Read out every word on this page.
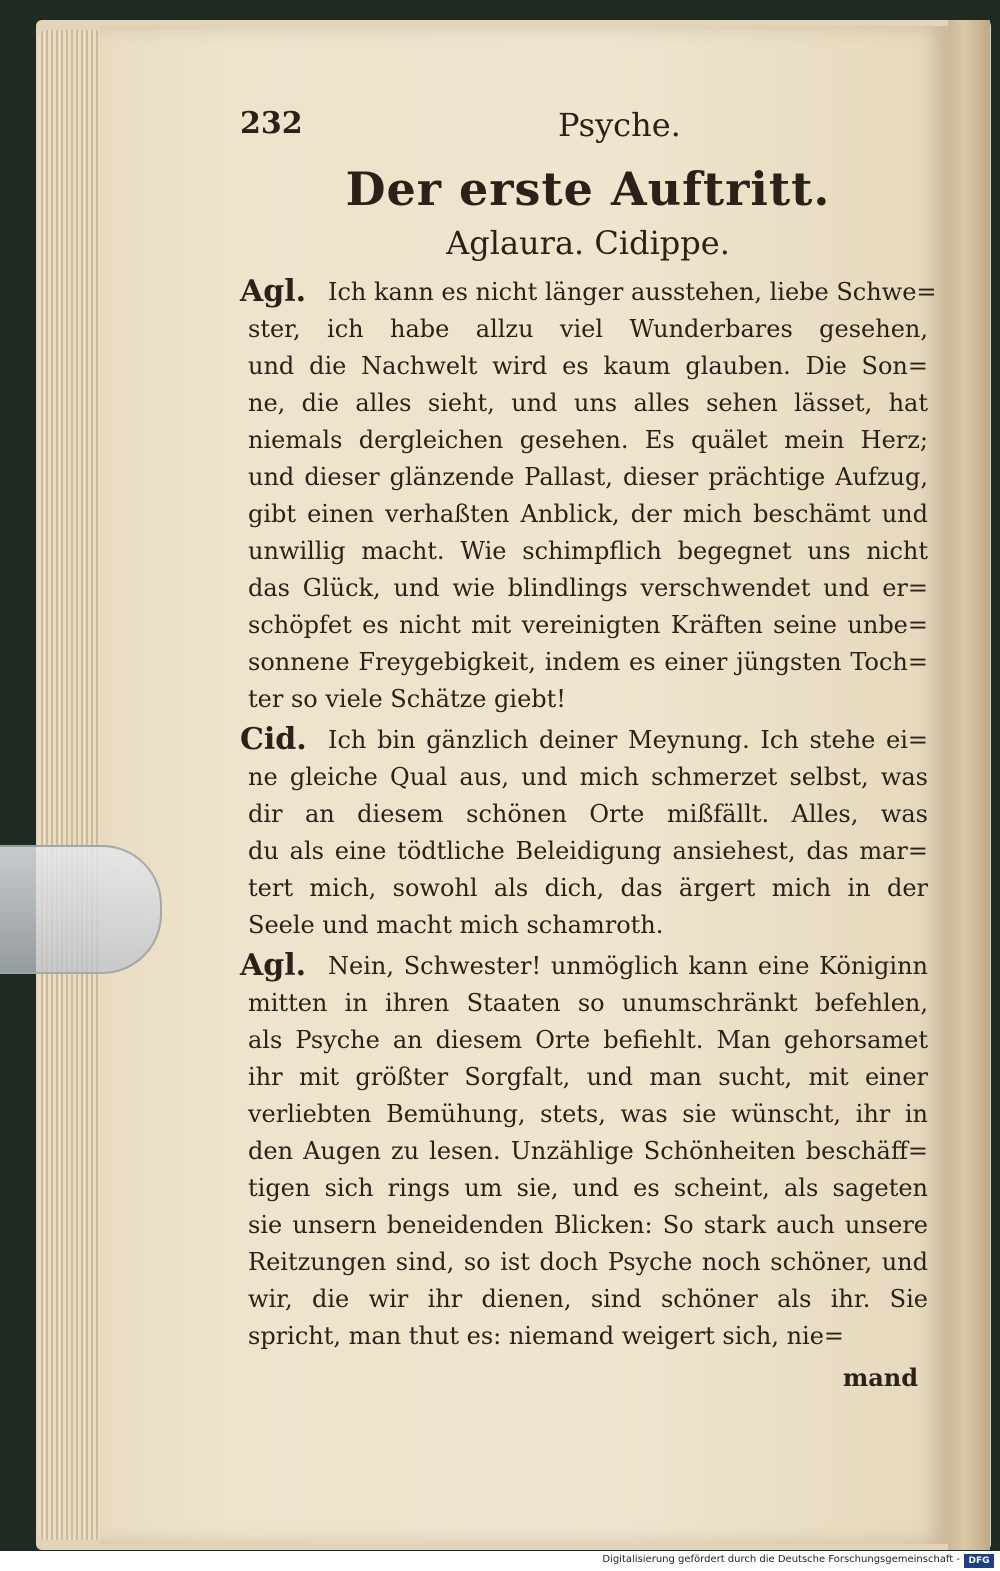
232	Psyche.
Der erste Auftritt.
Aglaura. Cidippe.
Agl. Ich kann es nicht länger ausstehen, liebe Schwe=
ster, ich habe allzu viel Wunderbares gesehen,
und die Nachwelt wird es kaum glauben. Die Son=
ne, die alles sieht, und uns alles sehen lässet, hat
niemals dergleichen gesehen. Es quälet mein Herz;
und dieser glänzende Pallast, dieser prächtige Aufzug,
gibt einen verhaßten Anblick, der mich beschämt und
unwillig macht. Wie schimpflich begegnet uns nicht
das Glück, und wie blindlings verschwendet und er=
schöpfet es nicht mit vereinigten Kräften seine unbe=
sonnene Freygebigkeit, indem es einer jüngsten Toch=
ter so viele Schätze giebt!
Cid. Ich bin gänzlich deiner Meynung. Ich stehe ei=
ne gleiche Qual aus, und mich schmerzet selbst, was
dir an diesem schönen Orte mißfällt. Alles, was
du als eine tödtliche Beleidigung ansiehest, das mar=
tert mich, sowohl als dich, das ärgert mich in der
Seele und macht mich schamroth.
Agl. Nein, Schwester! unmöglich kann eine Königinn
mitten in ihren Staaten so unumschränkt befehlen,
als Psyche an diesem Orte befiehlt. Man gehorsamet
ihr mit größter Sorgfalt, und man sucht, mit einer
verliebten Bemühung, stets, was sie wünscht, ihr in
den Augen zu lesen. Unzählige Schönheiten beschäff=
tigen sich rings um sie, und es scheint, als sageten
sie unsern beneidenden Blicken: So stark auch unsere
Reitzungen sind, so ist doch Psyche noch schöner, und
wir, die wir ihr dienen, sind schöner als ihr. Sie
spricht, man thut es: niemand weigert sich, nie=
mand
Digitalisierung gefördert durch die Deutsche Forschungsgemeinschaft - DFG
